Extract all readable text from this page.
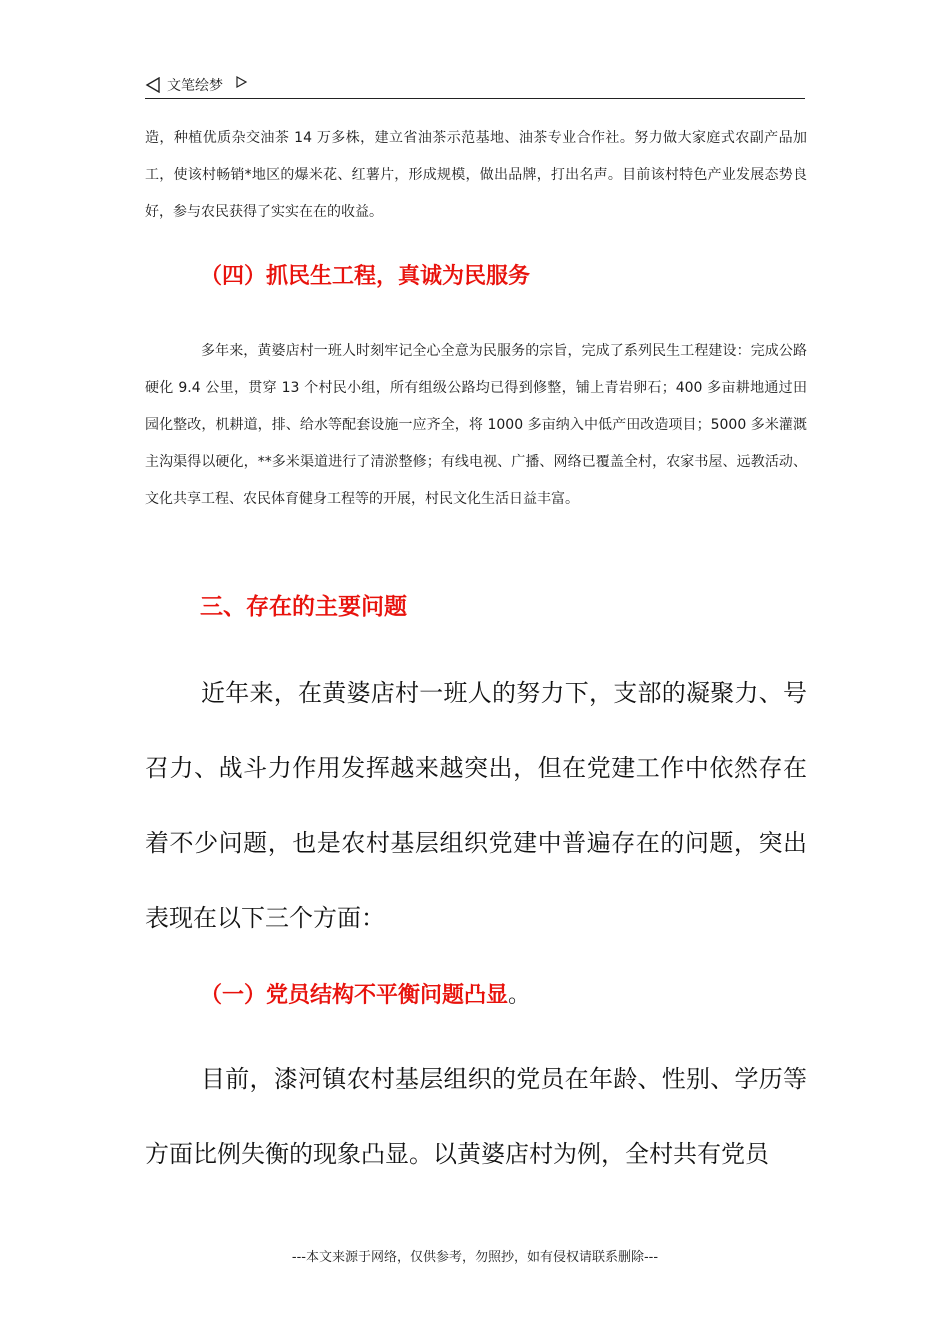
文笔绘梦

造，种植优质杂交油茶 14 万多株，建立省油茶示范基地、油茶专业合作社。努力做大家庭式农副产品加工，使该村畅销*地区的爆米花、红薯片，形成规模，做出品牌，打出名声。目前该村特色产业发展态势良好，参与农民获得了实实在在的收益。

（四）抓民生工程，真诚为民服务

多年来，黄婆店村一班人时刻牢记全心全意为民服务的宗旨，完成了系列民生工程建设：完成公路硬化 9.4 公里，贯穿 13 个村民小组，所有组级公路均已得到修整，铺上青岩卵石；400 多亩耕地通过田园化整改，机耕道，排、给水等配套设施一应齐全，将 1000 多亩纳入中低产田改造项目；5000 多米灌溉主沟渠得以硬化，**多米渠道进行了清淤整修；有线电视、广播、网络已覆盖全村，农家书屋、远教活动、文化共享工程、农民体育健身工程等的开展，村民文化生活日益丰富。

三、存在的主要问题

近年来，在黄婆店村一班人的努力下，支部的凝聚力、号召力、战斗力作用发挥越来越突出，但在党建工作中依然存在着不少问题，也是农村基层组织党建中普遍存在的问题，突出表现在以下三个方面：

（一）党员结构不平衡问题凸显。

目前，漆河镇农村基层组织的党员在年龄、性别、学历等方面比例失衡的现象凸显。以黄婆店村为例，全村共有党员

---本文来源于网络，仅供参考，勿照抄，如有侵权请联系删除---
